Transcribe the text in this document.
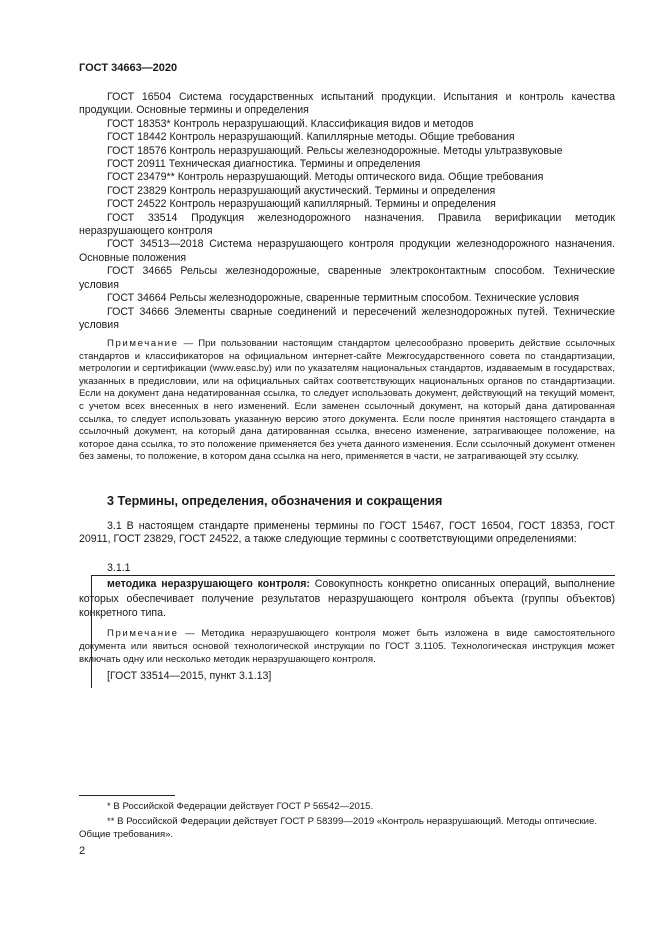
ГОСТ 34663—2020

ГОСТ 16504 Система государственных испытаний продукции. Испытания и контроль качества продукции. Основные термины и определения

ГОСТ 18353* Контроль неразрушающий. Классификация видов и методов

ГОСТ 18442 Контроль неразрушающий. Капиллярные методы. Общие требования

ГОСТ 18576 Контроль неразрушающий. Рельсы железнодорожные. Методы ультразвуковые

ГОСТ 20911 Техническая диагностика. Термины и определения

ГОСТ 23479** Контроль неразрушающий. Методы оптического вида. Общие требования

ГОСТ 23829 Контроль неразрушающий акустический. Термины и определения

ГОСТ 24522 Контроль неразрушающий капиллярный. Термины и определения

ГОСТ 33514 Продукция железнодорожного назначения. Правила верификации методик неразрушающего контроля

ГОСТ 34513—2018 Система неразрушающего контроля продукции железнодорожного назначения. Основные положения

ГОСТ 34665 Рельсы железнодорожные, сваренные электроконтактным способом. Технические условия

ГОСТ 34664 Рельсы железнодорожные, сваренные термитным способом. Технические условия

ГОСТ 34666 Элементы сварные соединений и пересечений железнодорожных путей. Технические условия

Примечание — При пользовании настоящим стандартом целесообразно проверить действие ссылочных стандартов и классификаторов на официальном интернет-сайте Межгосударственного совета по стандартизации, метрологии и сертификации (www.easc.by) или по указателям национальных стандартов, издаваемым в государствах, указанных в предисловии, или на официальных сайтах соответствующих национальных органов по стандартизации. Если на документ дана недатированная ссылка, то следует использовать документ, действующий на текущий момент, с учетом всех внесенных в него изменений. Если заменен ссылочный документ, на который дана датированная ссылка, то следует использовать указанную версию этого документа. Если после принятия настоящего стандарта в ссылочный документ, на который дана датированная ссылка, внесено изменение, затрагивающее положение, на которое дана ссылка, то это положение применяется без учета данного изменения. Если ссылочный документ отменен без замены, то положение, в котором дана ссылка на него, применяется в части, не затрагивающей эту ссылку.

3 Термины, определения, обозначения и сокращения

3.1 В настоящем стандарте применены термины по ГОСТ 15467, ГОСТ 16504, ГОСТ 18353, ГОСТ 20911, ГОСТ 23829, ГОСТ 24522, а также следующие термины с соответствующими определениями:

3.1.1

методика неразрушающего контроля: Совокупность конкретно описанных операций, выполнение которых обеспечивает получение результатов неразрушающего контроля объекта (группы объектов) конкретного типа.

Примечание — Методика неразрушающего контроля может быть изложена в виде самостоятельного документа или явиться основой технологической инструкции по ГОСТ 3.1105. Технологическая инструкция может включать одну или несколько методик неразрушающего контроля.

[ГОСТ 33514—2015, пункт 3.1.13]

* В Российской Федерации действует ГОСТ Р 56542—2015.

** В Российской Федерации действует ГОСТ Р 58399—2019 «Контроль неразрушающий. Методы оптические. Общие требования».

2
